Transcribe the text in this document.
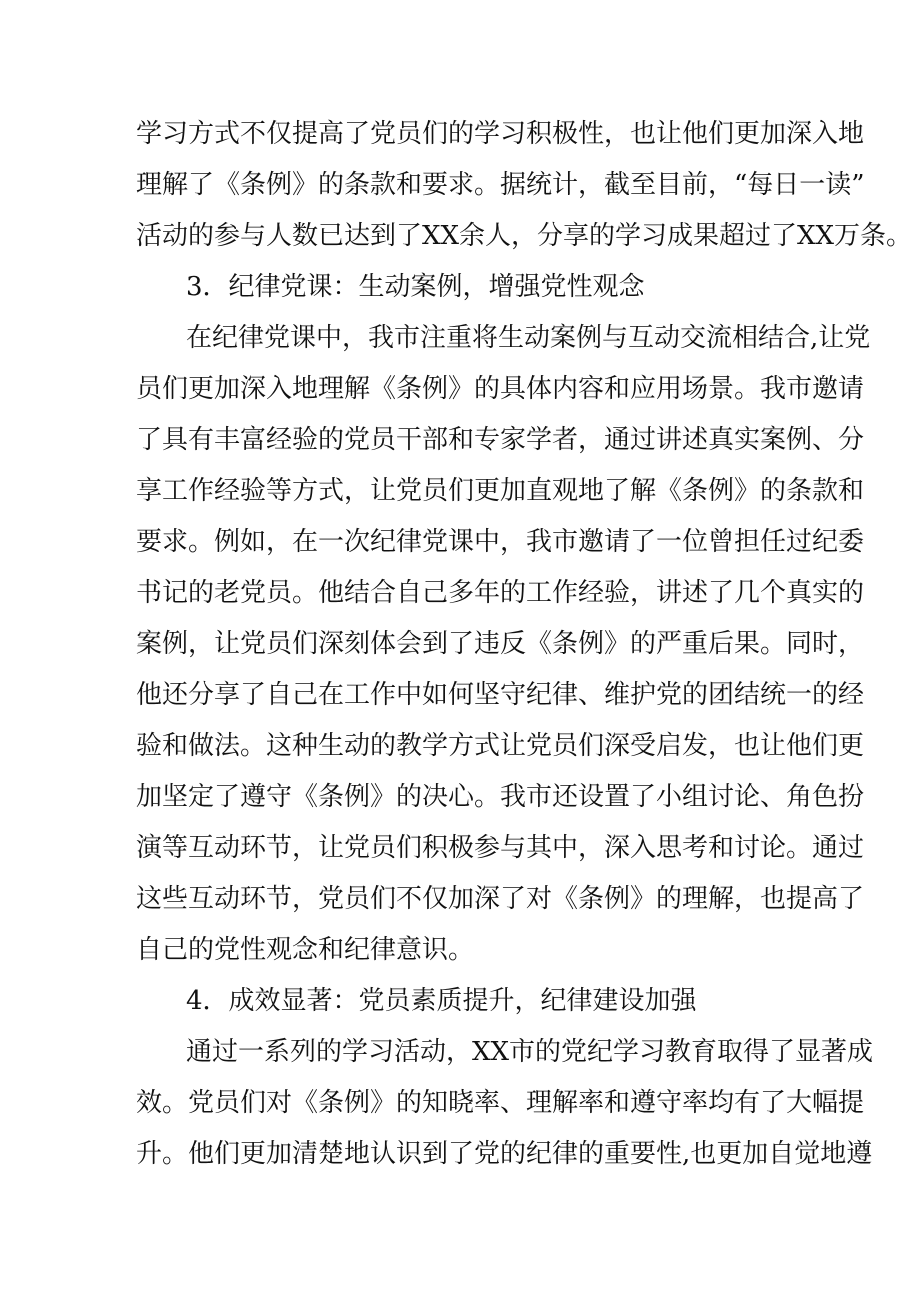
学习方式不仅提高了党员们的学习积极性，也让他们更加深入地
理解了《条例》的条款和要求。据统计，截至目前，“每日一读”
活动的参与人数已达到了XX余人，分享的学习成果超过了XX万条。
3．纪律党课：生动案例，增强党性观念
在纪律党课中，我市注重将生动案例与互动交流相结合,让党
员们更加深入地理解《条例》的具体内容和应用场景。我市邀请
了具有丰富经验的党员干部和专家学者，通过讲述真实案例、分
享工作经验等方式，让党员们更加直观地了解《条例》的条款和
要求。例如，在一次纪律党课中，我市邀请了一位曾担任过纪委
书记的老党员。他结合自己多年的工作经验，讲述了几个真实的
案例，让党员们深刻体会到了违反《条例》的严重后果。同时，
他还分享了自己在工作中如何坚守纪律、维护党的团结统一的经
验和做法。这种生动的教学方式让党员们深受启发，也让他们更
加坚定了遵守《条例》的决心。我市还设置了小组讨论、角色扮
演等互动环节，让党员们积极参与其中，深入思考和讨论。通过
这些互动环节，党员们不仅加深了对《条例》的理解，也提高了
自己的党性观念和纪律意识。
4．成效显著：党员素质提升，纪律建设加强
通过一系列的学习活动，XX市的党纪学习教育取得了显著成
效。党员们对《条例》的知晓率、理解率和遵守率均有了大幅提
升。他们更加清楚地认识到了党的纪律的重要性,也更加自觉地遵
